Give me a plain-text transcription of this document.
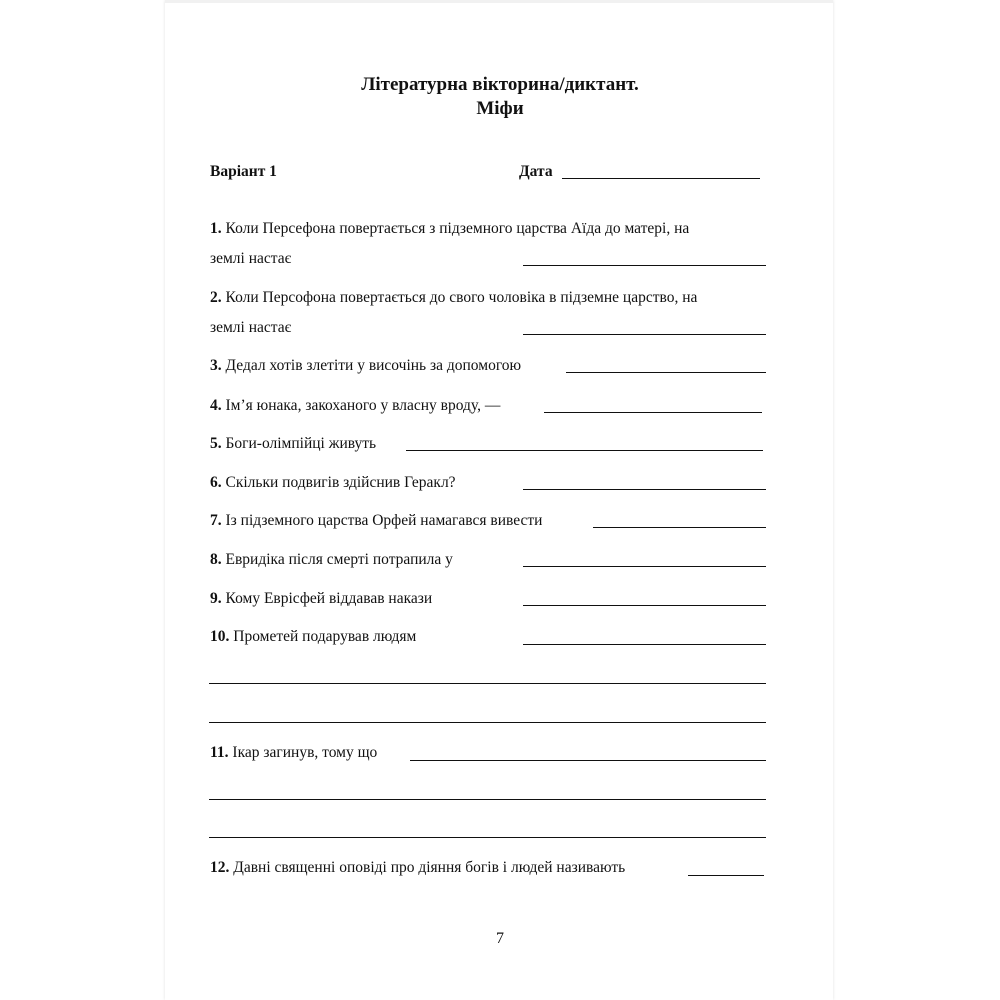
Літературна вікторина/диктант.
Міфи
Варіант 1	Дата
1. Коли Персефона повертається з підземного царства Аїда до матері, на
землі настає
2. Коли Персофона повертається до свого чоловіка в підземне царство, на
землі настає
3. Дедал хотів злетіти у височінь за допомогою
4. Ім’я юнака, закоханого у власну вроду, —
5. Боги-олімпійці живуть
6. Скільки подвигів здійснив Геракл?
7. Із підземного царства Орфей намагався вивести
8. Евридіка після смерті потрапила у
9. Кому Еврісфей віддавав накази
10. Прометей подарував людям
11. Ікар загинув, тому що
12. Давні священні оповіді про діяння богів і людей називають
7
